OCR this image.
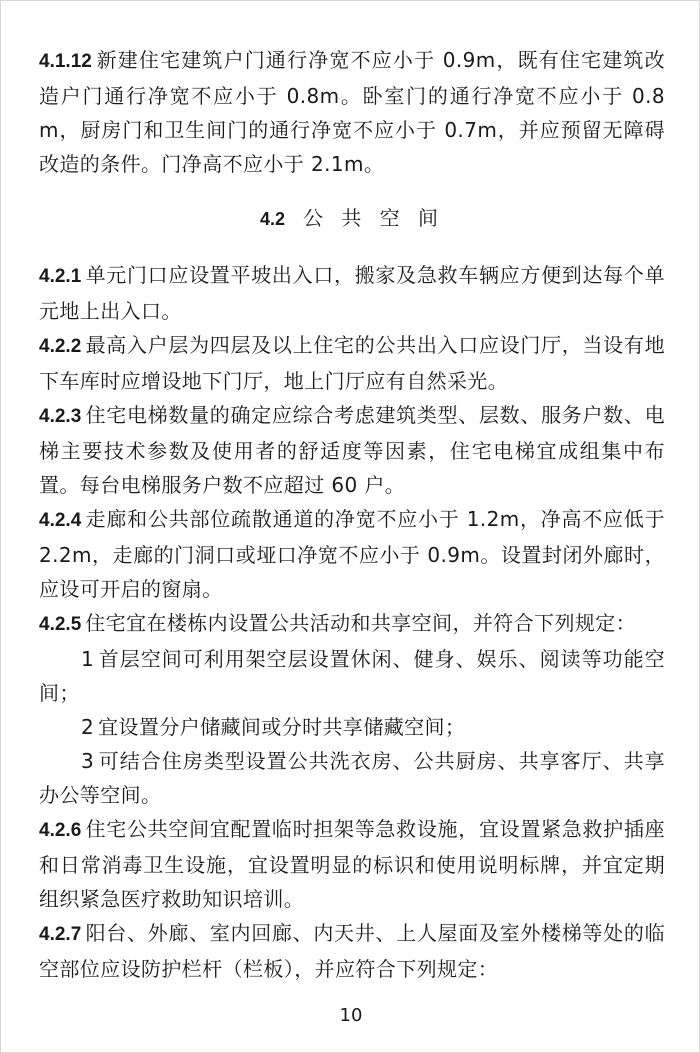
4.1.12 新建住宅建筑户门通行净宽不应小于 0.9m，既有住宅建筑改造户门通行净宽不应小于 0.8m。卧室门的通行净宽不应小于 0.8m，厨房门和卫生间门的通行净宽不应小于 0.7m，并应预留无障碍改造的条件。门净高不应小于 2.1m。

4.2 公 共 空 间

4.2.1 单元门口应设置平坡出入口，搬家及急救车辆应方便到达每个单元地上出入口。

4.2.2 最高入户层为四层及以上住宅的公共出入口应设门厅，当设有地下车库时应增设地下门厅，地上门厅应有自然采光。

4.2.3 住宅电梯数量的确定应综合考虑建筑类型、层数、服务户数、电梯主要技术参数及使用者的舒适度等因素，住宅电梯宜成组集中布置。每台电梯服务户数不应超过 60 户。

4.2.4 走廊和公共部位疏散通道的净宽不应小于 1.2m，净高不应低于 2.2m，走廊的门洞口或垭口净宽不应小于 0.9m。设置封闭外廊时，应设可开启的窗扇。

4.2.5 住宅宜在楼栋内设置公共活动和共享空间，并符合下列规定：

1 首层空间可利用架空层设置休闲、健身、娱乐、阅读等功能空间；

2 宜设置分户储藏间或分时共享储藏空间；

3 可结合住房类型设置公共洗衣房、公共厨房、共享客厅、共享办公等空间。

4.2.6 住宅公共空间宜配置临时担架等急救设施，宜设置紧急救护插座和日常消毒卫生设施，宜设置明显的标识和使用说明标牌，并宜定期组织紧急医疗救助知识培训。

4.2.7 阳台、外廊、室内回廊、内天井、上人屋面及室外楼梯等处的临空部位应设防护栏杆（栏板），并应符合下列规定：

10
